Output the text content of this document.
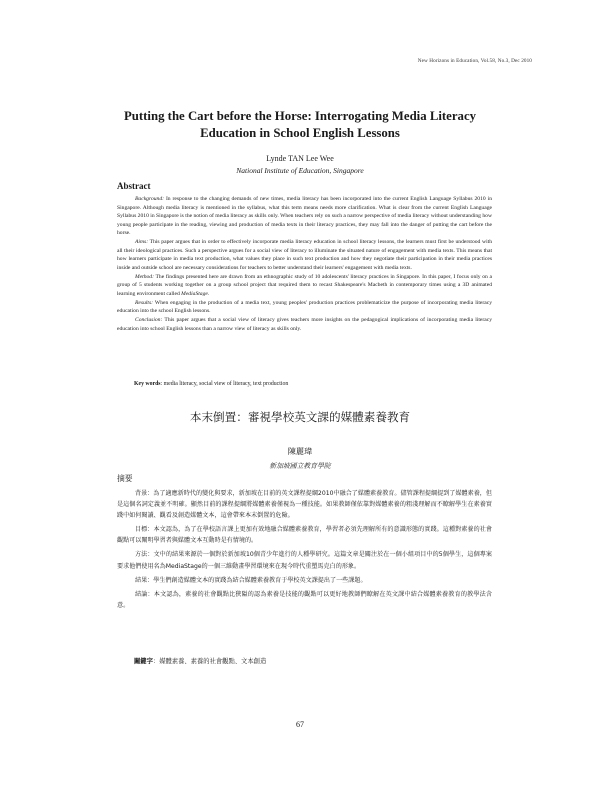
New Horizons in Education, Vol.58, No.3, Dec 2010
Putting the Cart before the Horse: Interrogating Media Literacy
Education in School English Lessons
Lynde TAN Lee Wee
National Institute of Education, Singapore
Abstract

Background: In response to the changing demands of new times, media literacy has been incorporated into the current English Language Syllabus 2010 in Singapore. Although media literacy is mentioned in the syllabus, what this term means needs more clarification. What is clear from the current English Language Syllabus 2010 in Singapore is the notion of media literacy as skills only. When teachers rely on such a narrow perspective of media literacy without understanding how young people participate in the reading, viewing and production of media texts in their literacy practices, they may fall into the danger of putting the cart before the horse.

Aims: This paper argues that in order to effectively incorporate media literacy education in school literacy lessons, the learners must first be understood with all their ideological practices. Such a perspective argues for a social view of literacy to illuminate the situated nature of engagement with media texts. This means that how learners participate in media text production, what values they place in such text production and how they negotiate their participation in their media practices inside and outside school are necessary considerations for teachers to better understand their learners' engagement with media texts.

Method: The findings presented here are drawn from an ethnographic study of 10 adolescents' literacy practices in Singapore. In this paper, I focus only on a group of 5 students working together on a group school project that required them to recast Shakespeare's Macbeth in contemporary times using a 3D animated learning environment called MediaStage.

Results: When engaging in the production of a media text, young peoples' production practices problematicize the purpose of incorporating media literacy education into the school English lessons.

Conclusion: This paper argues that a social view of literacy gives teachers more insights on the pedagogical implications of incorporating media literacy education into school English lessons than a narrow view of literacy as skills only.

Key words: media literacy, social view of literacy, text production
本末倒置：審視學校英文課的媒體素養教育
陳麗瑋
新加坡國立教育學院
摘要

背景：為了適應新時代的變化與要求，新加坡在目前的英文課程提綱2010中融合了媒體素養教育。儘管課程提綱提到了媒體素養，但是這個名詞定義並不明確。顯然目前的課程提綱將媒體素養僅視為一種技能。如果教師僅依靠對媒體素養的粗淺理解而不瞭解學生在素養實踐中如何閱讀、觀看及創造媒體文本，這會帶來本末倒置的危險。

目標：本文認為，為了在學校語言課上更加有效地融合媒體素養教育，學習者必須先理解所有的意識形態的實踐。這種對素養的社會觀點可以闡明學習者與媒體文本互動時是有情境的。

方法：文中的結果來源於一個對於新加坡10個青少年進行的人種學研究。這篇文章是關注於在一個小組項目中的5個學生，這個專案要求他們使用名為MediaStage的一個三維動畫學習環境來在現今時代重塑馬克白的形象。

結果：學生們創造媒體文本的實踐為結合媒體素養教育于學校英文課提出了一些課題。

結論：本文認為，素養的社會觀點比狹隘的認為素養是技能的觀點可以更好地教師們瞭解在英文課中結合媒體素養教育的教學法含意。

關鍵字：媒體素養、素養的社會觀點、文本創造
67
